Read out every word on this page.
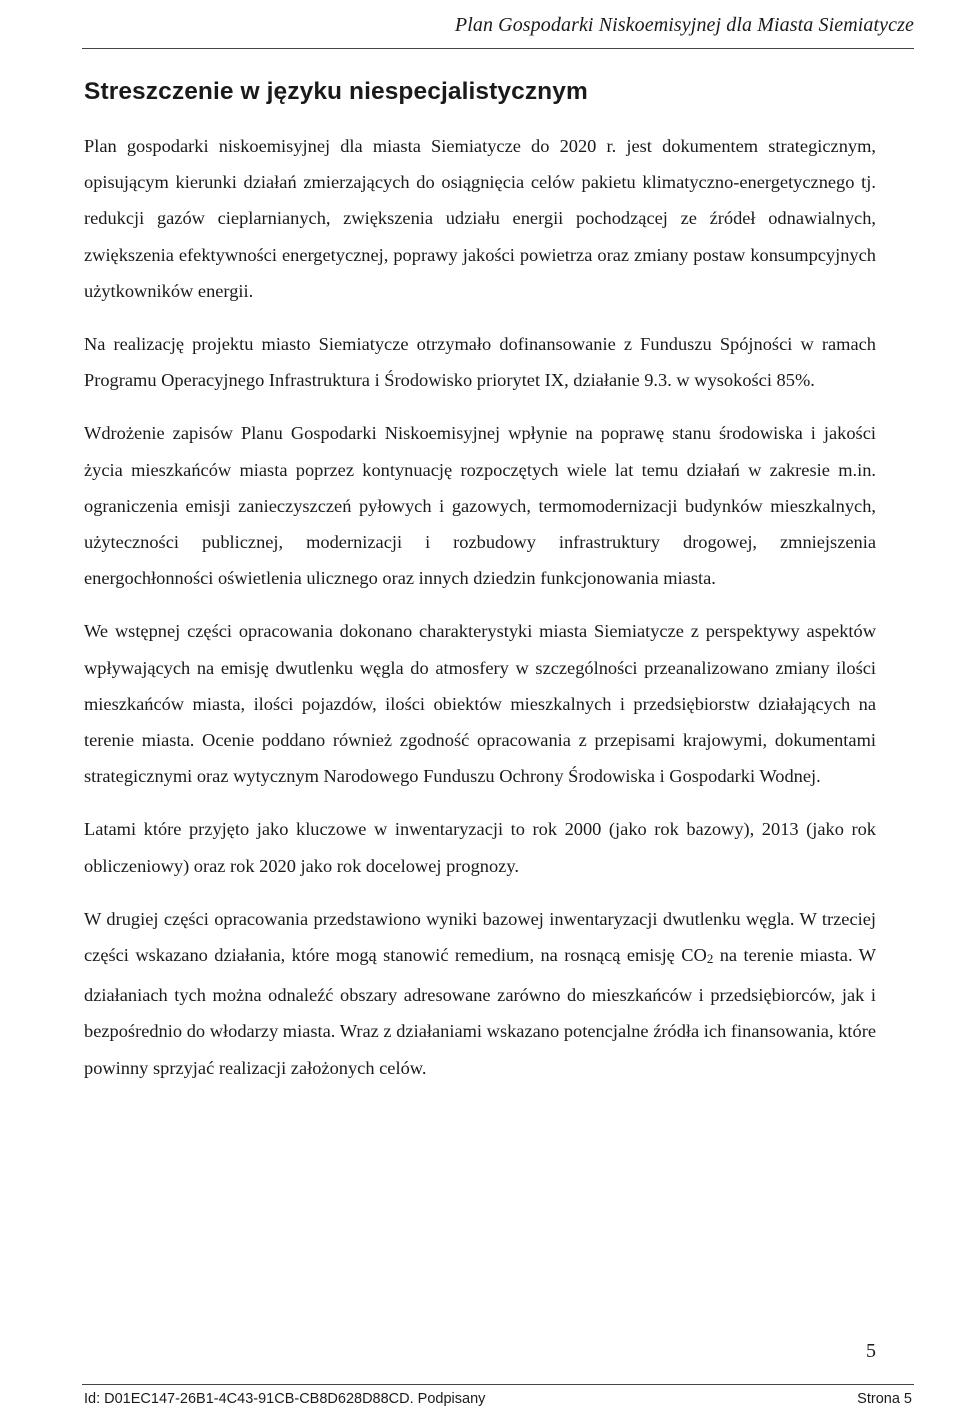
Plan Gospodarki Niskoemisyjnej dla Miasta Siemiatycze
Streszczenie w języku niespecjalistycznym

Plan gospodarki niskoemisyjnej dla miasta Siemiatycze do 2020 r. jest dokumentem strategicznym, opisującym kierunki działań zmierzających do osiągnięcia celów pakietu klimatyczno-energetycznego tj. redukcji gazów cieplarnianych, zwiększenia udziału energii pochodzącej ze źródeł odnawialnych, zwiększenia efektywności energetycznej, poprawy jakości powietrza oraz zmiany postaw konsumpcyjnych użytkowników energii.

Na realizację projektu miasto Siemiatycze otrzymało dofinansowanie z Funduszu Spójności w ramach Programu Operacyjnego Infrastruktura i Środowisko priorytet IX, działanie 9.3. w wysokości 85%.

Wdrożenie zapisów Planu Gospodarki Niskoemisyjnej wpłynie na poprawę stanu środowiska i jakości życia mieszkańców miasta poprzez kontynuację rozpoczętych wiele lat temu działań w zakresie m.in. ograniczenia emisji zanieczyszczeń pyłowych i gazowych, termomodernizacji budynków mieszkalnych, użyteczności publicznej, modernizacji i rozbudowy infrastruktury drogowej, zmniejszenia energochłonności oświetlenia ulicznego oraz innych dziedzin funkcjonowania miasta.

We wstępnej części opracowania dokonano charakterystyki miasta Siemiatycze z perspektywy aspektów wpływających na emisję dwutlenku węgla do atmosfery w szczególności przeanalizowano zmiany ilości mieszkańców miasta, ilości pojazdów, ilości obiektów mieszkalnych i przedsiębiorstw działających na terenie miasta. Ocenie poddano również zgodność opracowania z przepisami krajowymi, dokumentami strategicznymi oraz wytycznym Narodowego Funduszu Ochrony Środowiska i Gospodarki Wodnej.

Latami które przyjęto jako kluczowe w inwentaryzacji to rok 2000 (jako rok bazowy), 2013 (jako rok obliczeniowy) oraz rok 2020 jako rok docelowej prognozy.

W drugiej części opracowania przedstawiono wyniki bazowej inwentaryzacji dwutlenku węgla. W trzeciej części wskazano działania, które mogą stanowić remedium, na rosnącą emisję $CO_2$ na terenie miasta. W działaniach tych można odnaleźć obszary adresowane zarówno do mieszkańców i przedsiębiorców, jak i bezpośrednio do włodarzy miasta. Wraz z działaniami wskazano potencjalne źródła ich finansowania, które powinny sprzyjać realizacji założonych celów.

5
Id: D01EC147-26B1-4C43-91CB-CB8D628D88CD. Podpisany	Strona 5
